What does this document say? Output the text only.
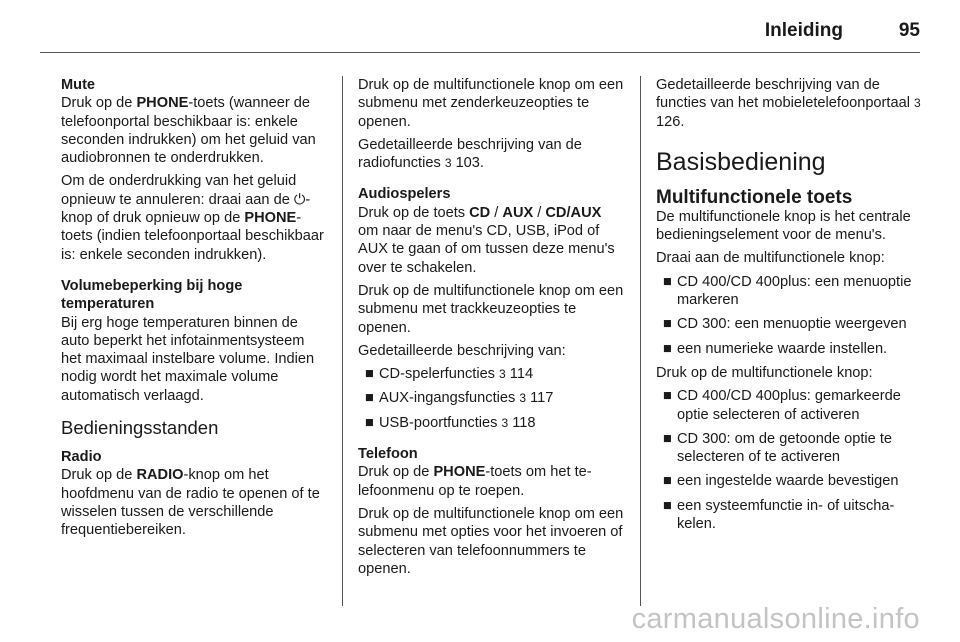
Inleiding	95
Mute

Druk op de PHONE-toets (wanneer de telefoonportal beschikbaar is: enkele seconden indrukken) om het geluid van audiobronnen te onderdrukken.

Om de onderdrukking van het geluid opnieuw te annuleren: draai aan de ⏻-knop of druk opnieuw op de PHONE-toets (indien telefoonportaal beschikbaar is: enkele seconden indrukken).

Volumebeperking bij hoge temperaturen

Bij erg hoge temperaturen binnen de auto beperkt het infotainmentsysteem het maximaal instelbare volume. Indien nodig wordt het maximale volume automatisch verlaagd.

Bedieningsstanden
Radio

Druk op de RADIO-knop om het hoofdmenu van de radio te openen of te wisselen tussen de verschillende frequentiebereiken.

Druk op de multifunctionele knop om een submenu met zenderkeuzeopties te openen.

Gedetailleerde beschrijving van de radiofuncties 3 103.

Audiospelers

Druk op de toets CD / AUX / CD/AUX om naar de menu's CD, USB, iPod of AUX te gaan of om tussen deze menu's over te schakelen.

Druk op de multifunctionele knop om een submenu met trackkeuzeopties te openen.

Gedetailleerde beschrijving van:

■ CD-spelerfuncties 3 114
■ AUX-ingangsfuncties 3 117
■ USB-poortfuncties 3 118
Telefoon

Druk op de PHONE-toets om het telefoonmenu op te roepen.

Druk op de multifunctionele knop om een submenu met opties voor het invoeren of selecteren van telefoonnummers te openen.

Gedetailleerde beschrijving van de functies van het mobieletelefoonportaal 3 126.

Basisbediening
Multifunctionele toets

De multifunctionele knop is het centrale bedieningselement voor de menu's.

Draai aan de multifunctionele knop:

■ CD 400/CD 400plus: een menuoptie markeren
■ CD 300: een menuoptie weergeven
■ een numerieke waarde instellen.

Druk op de multifunctionele knop:

■ CD 400/CD 400plus: gemarkeerde optie selecteren of activeren
■ CD 300: om de getoonde optie te selecteren of te activeren
■ een ingestelde waarde bevestigen
■ een systeemfunctie in- of uitschakelen.
carmanualsonline.info
